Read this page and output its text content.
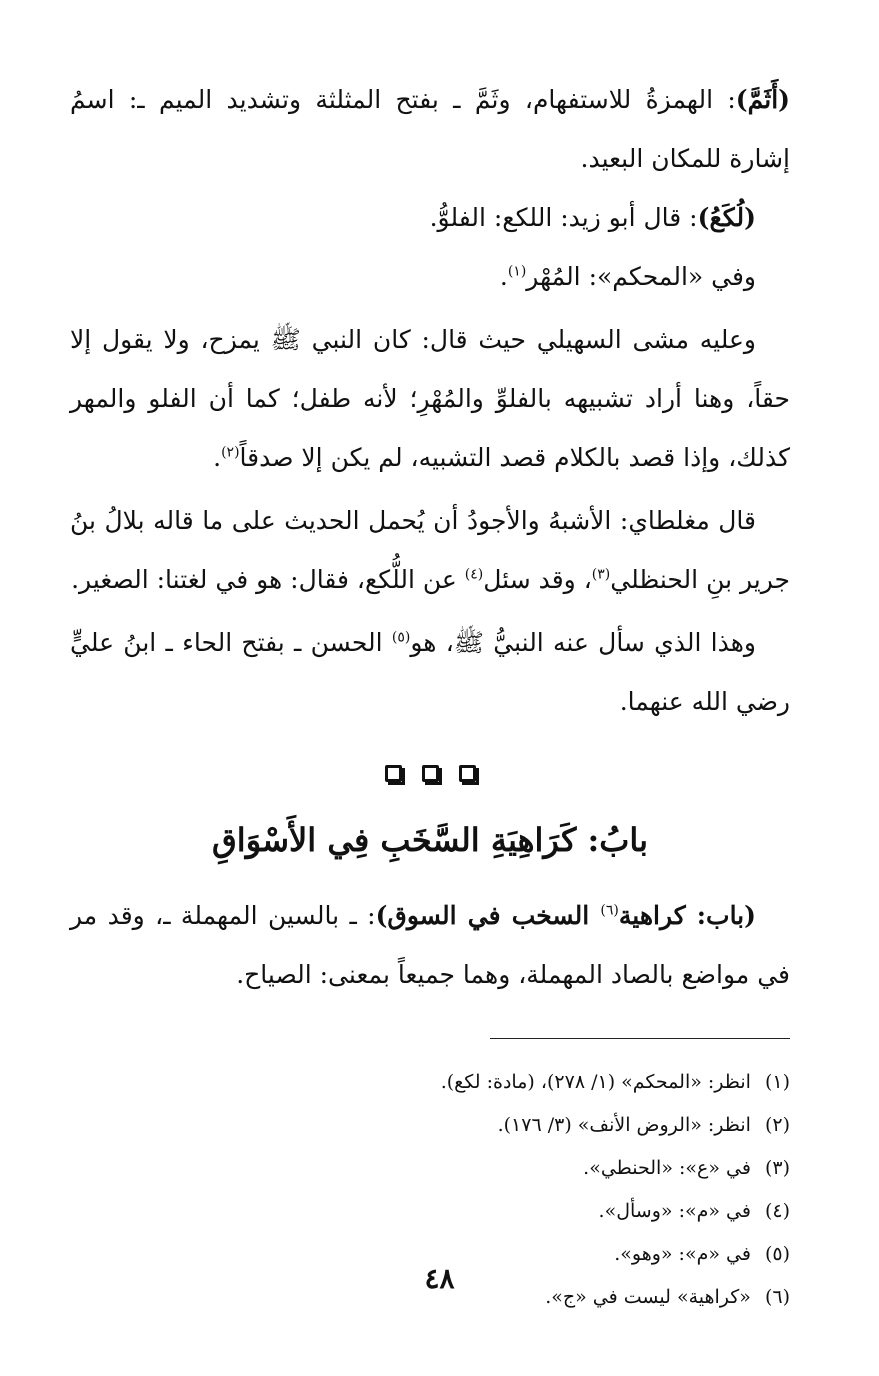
(أَثَمَّ): الهمزةُ للاستفهام، وثَمَّ ـ بفتح المثلثة وتشديد الميم ـ: اسمُ إشارة للمكان البعيد.

(لُكَعُ): قال أبو زيد: اللكع: الفلوُّ.

وفي «المحكم»: المُهْر$^{(١)}$.

وعليه مشى السهيلي حيث قال: كان النبي ﷺ يمزح، ولا يقول إلا حقاً، وهنا أراد تشبيهه بالفلوِّ والمُهْرِ؛ لأنه طفل؛ كما أن الفلو والمهر كذلك، وإذا قصد بالكلام قصد التشبيه، لم يكن إلا صدقاً$^{(٢)}$.

قال مغلطاي: الأشبهُ والأجودُ أن يُحمل الحديث على ما قاله بلالُ بنُ جرير بنِ الحنظلي$^{(٣)}$، وقد سئل$^{(٤)}$ عن اللُّكع، فقال: هو في لغتنا: الصغير.

وهذا الذي سأل عنه النبيُّ ﷺ، هو$^{(٥)}$ الحسن ـ بفتح الحاء ـ ابنُ عليٍّ رضي الله عنهما.

بابُ: كَرَاهِيَةِ السَّخَبِ فِي الأَسْوَاقِ

(باب: كراهية$^{(٦)}$ السخب في السوق): ـ بالسين المهملة ـ، وقد مر في مواضع بالصاد المهملة، وهما جميعاً بمعنى: الصياح.

(١)
انظر: «المحكم» (١/ ٢٧٨)، (مادة: لكع).
(٢)
انظر: «الروض الأنف» (٣/ ١٧٦).
(٣)
في «ع»: «الحنطي».
(٤)
في «م»: «وسأل».
(٥)
في «م»: «وهو».
(٦)
«كراهية» ليست في «ج».
٤٨
